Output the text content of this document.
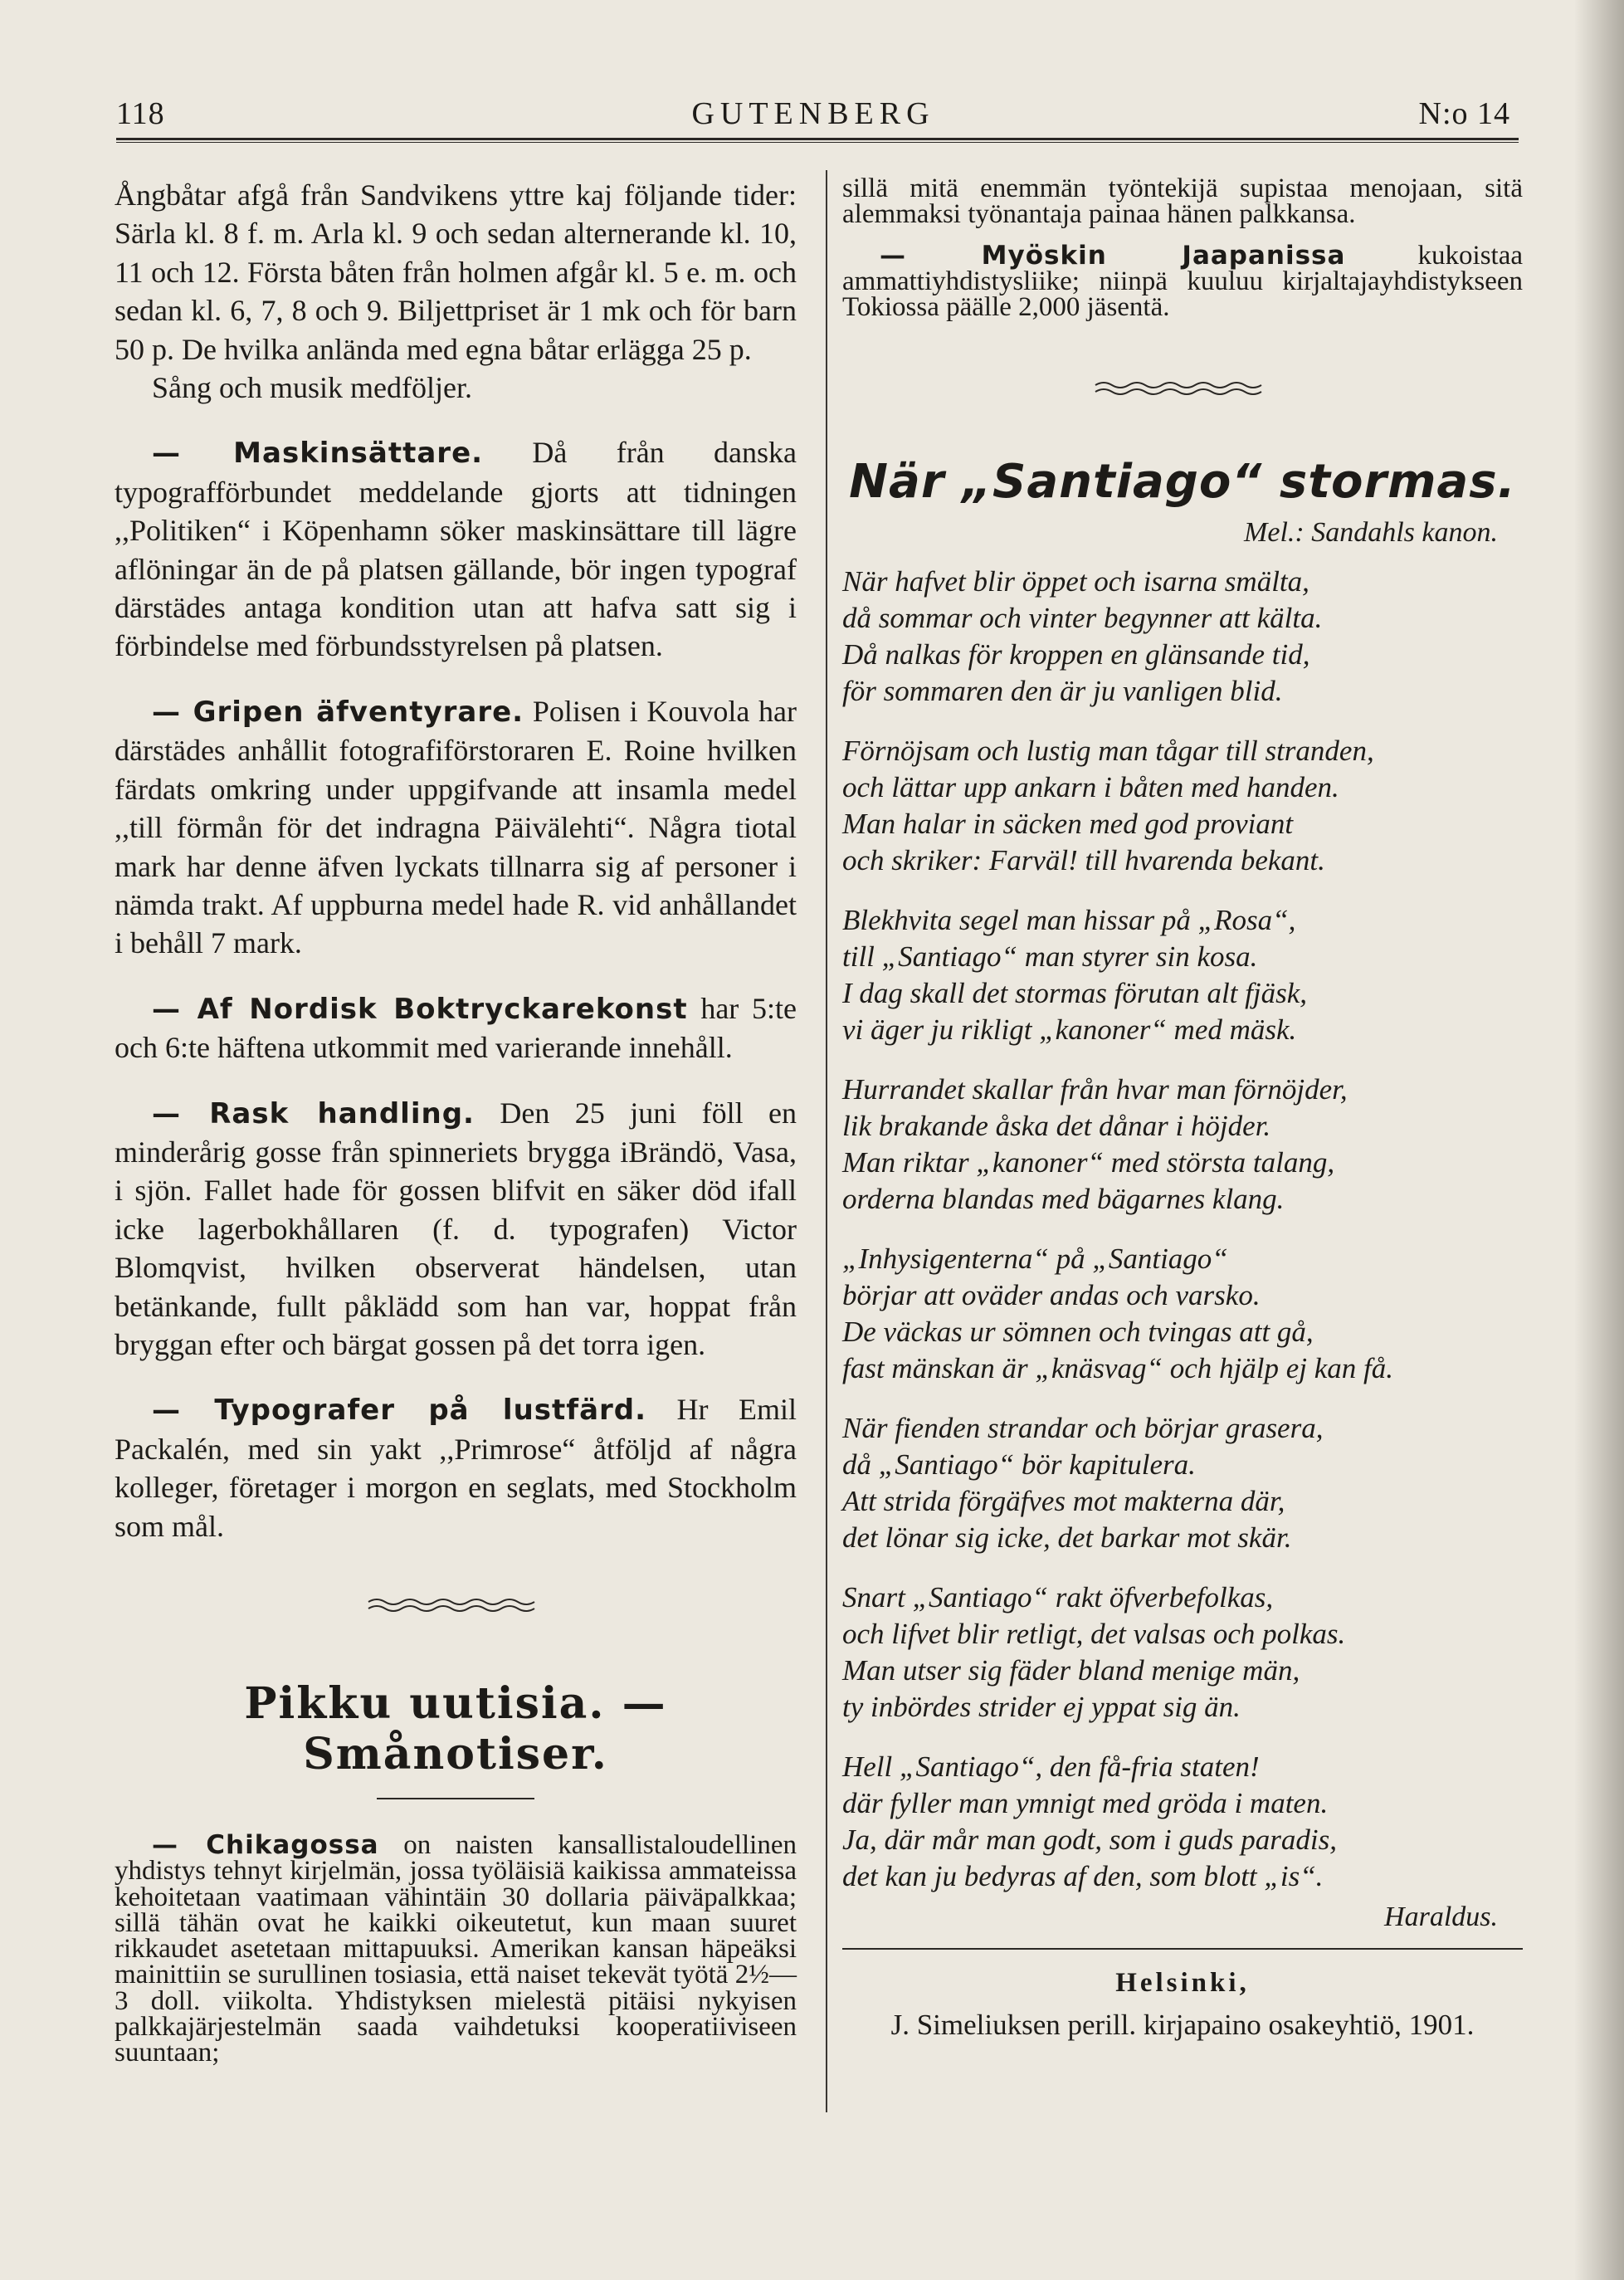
118	GUTENBERG	N:o 14

Ångbåtar afgå från Sandvikens yttre kaj följande tider: Särla kl. 8 f. m. Arla kl. 9 och sedan alternerande kl. 10, 11 och 12. Första båten från holmen afgår kl. 5 e. m. och sedan kl. 6, 7, 8 och 9. Biljettpriset är 1 mk och för barn 50 p. De hvilka anlända med egna båtar erlägga 25 p.

Sång och musik medföljer.

— Maskinsättare. Då från danska typografförbundet meddelande gjorts att tidningen ,,Politiken“ i Köpenhamn söker maskinsättare till lägre aflöningar än de på platsen gällande, bör ingen typograf därstädes antaga kondition utan att hafva satt sig i förbindelse med förbundsstyrelsen på platsen.

— Gripen äfventyrare. Polisen i Kouvola har därstädes anhållit fotografiförstoraren E. Roine hvilken färdats omkring under uppgifvande att insamla medel ,,till förmån för det indragna Päivälehti“. Några tiotal mark har denne äfven lyckats tillnarra sig af personer i nämda trakt. Af uppburna medel hade R. vid anhållandet i behåll 7 mark.

— Af Nordisk Boktryckarekonst har 5:te och 6:te häftena utkommit med varierande innehåll.

— Rask handling. Den 25 juni föll en minderårig gosse från spinneriets brygga iBrändö, Vasa, i sjön. Fallet hade för gossen blifvit en säker död ifall icke lagerbokhållaren (f. d. typografen) Victor Blomqvist, hvilken observerat händelsen, utan betänkande, fullt påklädd som han var, hoppat från bryggan efter och bärgat gossen på det torra igen.

— Typografer på lustfärd. Hr Emil Packalén, med sin yakt ,,Primrose“ åtföljd af några kolleger, företager i morgon en seglats, med Stockholm som mål.

Pikku uutisia. — Smånotiser.

— Chikagossa on naisten kansallistaloudellinen yhdistys tehnyt kirjelmän, jossa työläisiä kaikissa ammateissa kehoitetaan vaatimaan vähintäin 30 dollaria päiväpalkkaa; sillä tähän ovat he kaikki oikeutetut, kun maan suuret rikkaudet asetetaan mittapuuksi. Amerikan kansan häpeäksi mainittiin se surullinen tosiasia, että naiset tekevät työtä 2½—3 doll. viikolta. Yhdistyksen mielestä pitäisi nykyisen palkkajärjestelmän saada vaihdetuksi kooperatiiviseen suuntaan;

sillä mitä enemmän työntekijä supistaa menojaan, sitä alemmaksi työnantaja painaa hänen palkkansa.

— Myöskin Jaapanissa kukoistaa ammattiyhdistysliike; niinpä kuuluu kirjaltajayhdistykseen Tokiossa päälle 2,000 jäsentä.

När „Santiago“ stormas.
Mel.: Sandahls kanon.
När hafvet blir öppet och isarna smälta,
då sommar och vinter begynner att kälta.
Då nalkas för kroppen en glänsande tid,
för sommaren den är ju vanligen blid.
Förnöjsam och lustig man tågar till stranden,
och lättar upp ankarn i båten med handen.
Man halar in säcken med god proviant
och skriker: Farväl! till hvarenda bekant.
Blekhvita segel man hissar på „Rosa“,
till „Santiago“ man styrer sin kosa.
I dag skall det stormas förutan alt fjäsk,
vi äger ju rikligt „kanoner“ med mäsk.
Hurrandet skallar från hvar man förnöjder,
lik brakande åska det dånar i höjder.
Man riktar „kanoner“ med största talang,
orderna blandas med bägarnes klang.
„Inhysigenterna“ på „Santiago“
börjar att oväder andas och varsko.
De väckas ur sömnen och tvingas att gå,
fast mänskan är „knäsvag“ och hjälp ej kan få.
När fienden strandar och börjar grasera,
då „Santiago“ bör kapitulera.
Att strida förgäfves mot makterna där,
det lönar sig icke, det barkar mot skär.
Snart „Santiago“ rakt öfverbefolkas,
och lifvet blir retligt, det valsas och polkas.
Man utser sig fäder bland menige män,
ty inbördes strider ej yppat sig än.
Hell „Santiago“, den få-fria staten!
där fyller man ymnigt med gröda i maten.
Ja, där mår man godt, som i guds paradis,
det kan ju bedyras af den, som blott „is“.
Haraldus.
Helsinki,
J. Simeliuksen perill. kirjapaino osakeyhtiö, 1901.
